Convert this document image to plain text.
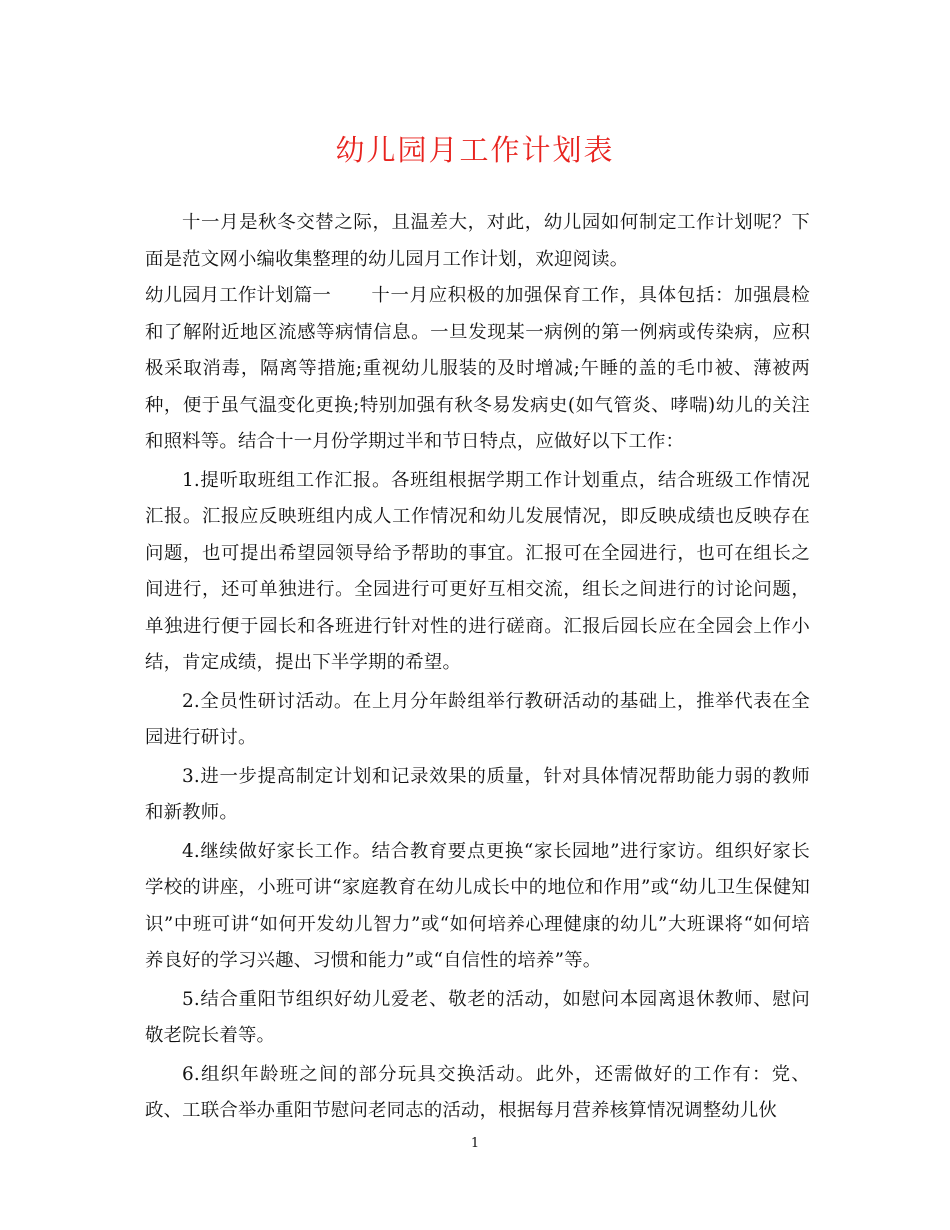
幼儿园月工作计划表

十一月是秋冬交替之际，且温差大，对此，幼儿园如何制定工作计划呢？下面是范文网小编收集整理的幼儿园月工作计划，欢迎阅读。

幼儿园月工作计划篇一 十一月应积极的加强保育工作，具体包括：加强晨检和了解附近地区流感等病情信息。一旦发现某一病例的第一例病或传染病，应积极采取消毒，隔离等措施;重视幼儿服装的及时增减;午睡的盖的毛巾被、薄被两种，便于虽气温变化更换;特别加强有秋冬易发病史(如气管炎、哮喘)幼儿的关注和照料等。结合十一月份学期过半和节日特点，应做好以下工作：

1.提听取班组工作汇报。各班组根据学期工作计划重点，结合班级工作情况汇报。汇报应反映班组内成人工作情况和幼儿发展情况，即反映成绩也反映存在问题，也可提出希望园领导给予帮助的事宜。汇报可在全园进行，也可在组长之间进行，还可单独进行。全园进行可更好互相交流，组长之间进行的讨论问题，单独进行便于园长和各班进行针对性的进行磋商。汇报后园长应在全园会上作小结，肯定成绩，提出下半学期的希望。

2.全员性研讨活动。在上月分年龄组举行教研活动的基础上，推举代表在全园进行研讨。

3.进一步提高制定计划和记录效果的质量，针对具体情况帮助能力弱的教师和新教师。

4.继续做好家长工作。结合教育要点更换“家长园地”进行家访。组织好家长学校的讲座，小班可讲“家庭教育在幼儿成长中的地位和作用”或“幼儿卫生保健知识”中班可讲“如何开发幼儿智力”或“如何培养心理健康的幼儿”大班课将“如何培养良好的学习兴趣、习惯和能力”或“自信性的培养”等。

5.结合重阳节组织好幼儿爱老、敬老的活动，如慰问本园离退休教师、慰问敬老院长着等。

6.组织年龄班之间的部分玩具交换活动。此外，还需做好的工作有：党、政、工联合举办重阳节慰问老同志的活动，根据每月营养核算情况调整幼儿伙

1
